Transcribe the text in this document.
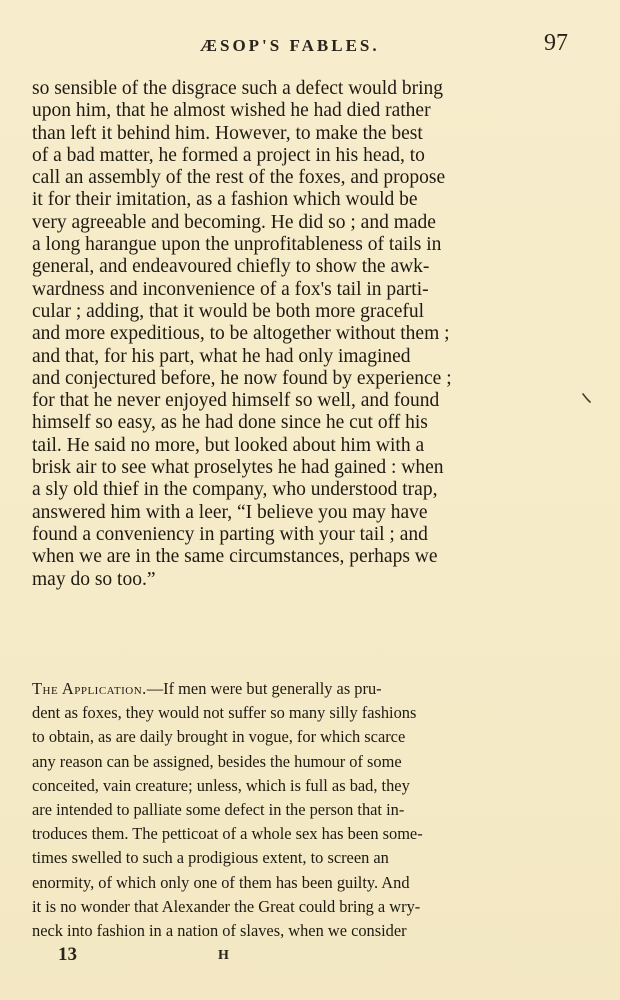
ÆSOP'S FABLES.	97

so sensible of the disgrace such a defect would bring
upon him, that he almost wished he had died rather
than left it behind him. However, to make the best
of a bad matter, he formed a project in his head, to
call an assembly of the rest of the foxes, and propose
it for their imitation, as a fashion which would be
very agreeable and becoming. He did so ; and made
a long harangue upon the unprofitableness of tails in
general, and endeavoured chiefly to show the awk-
wardness and inconvenience of a fox's tail in parti-
cular ; adding, that it would be both more graceful
and more expeditious, to be altogether without them ;
and that, for his part, what he had only imagined
and conjectured before, he now found by experience ;
for that he never enjoyed himself so well, and found
himself so easy, as he had done since he cut off his
tail. He said no more, but looked about him with a
brisk air to see what proselytes he had gained : when
a sly old thief in the company, who understood trap,
answered him with a leer, “I believe you may have
found a conveniency in parting with your tail ; and
when we are in the same circumstances, perhaps we
may do so too.”

The Application.—If men were but generally as pru-
dent as foxes, they would not suffer so many silly fashions
to obtain, as are daily brought in vogue, for which scarce
any reason can be assigned, besides the humour of some
conceited, vain creature; unless, which is full as bad, they
are intended to palliate some defect in the person that in-
troduces them. The petticoat of a whole sex has been some-
times swelled to such a prodigious extent, to screen an
enormity, of which only one of them has been guilty. And
it is no wonder that Alexander the Great could bring a wry-
neck into fashion in a nation of slaves, when we consider

13	H
